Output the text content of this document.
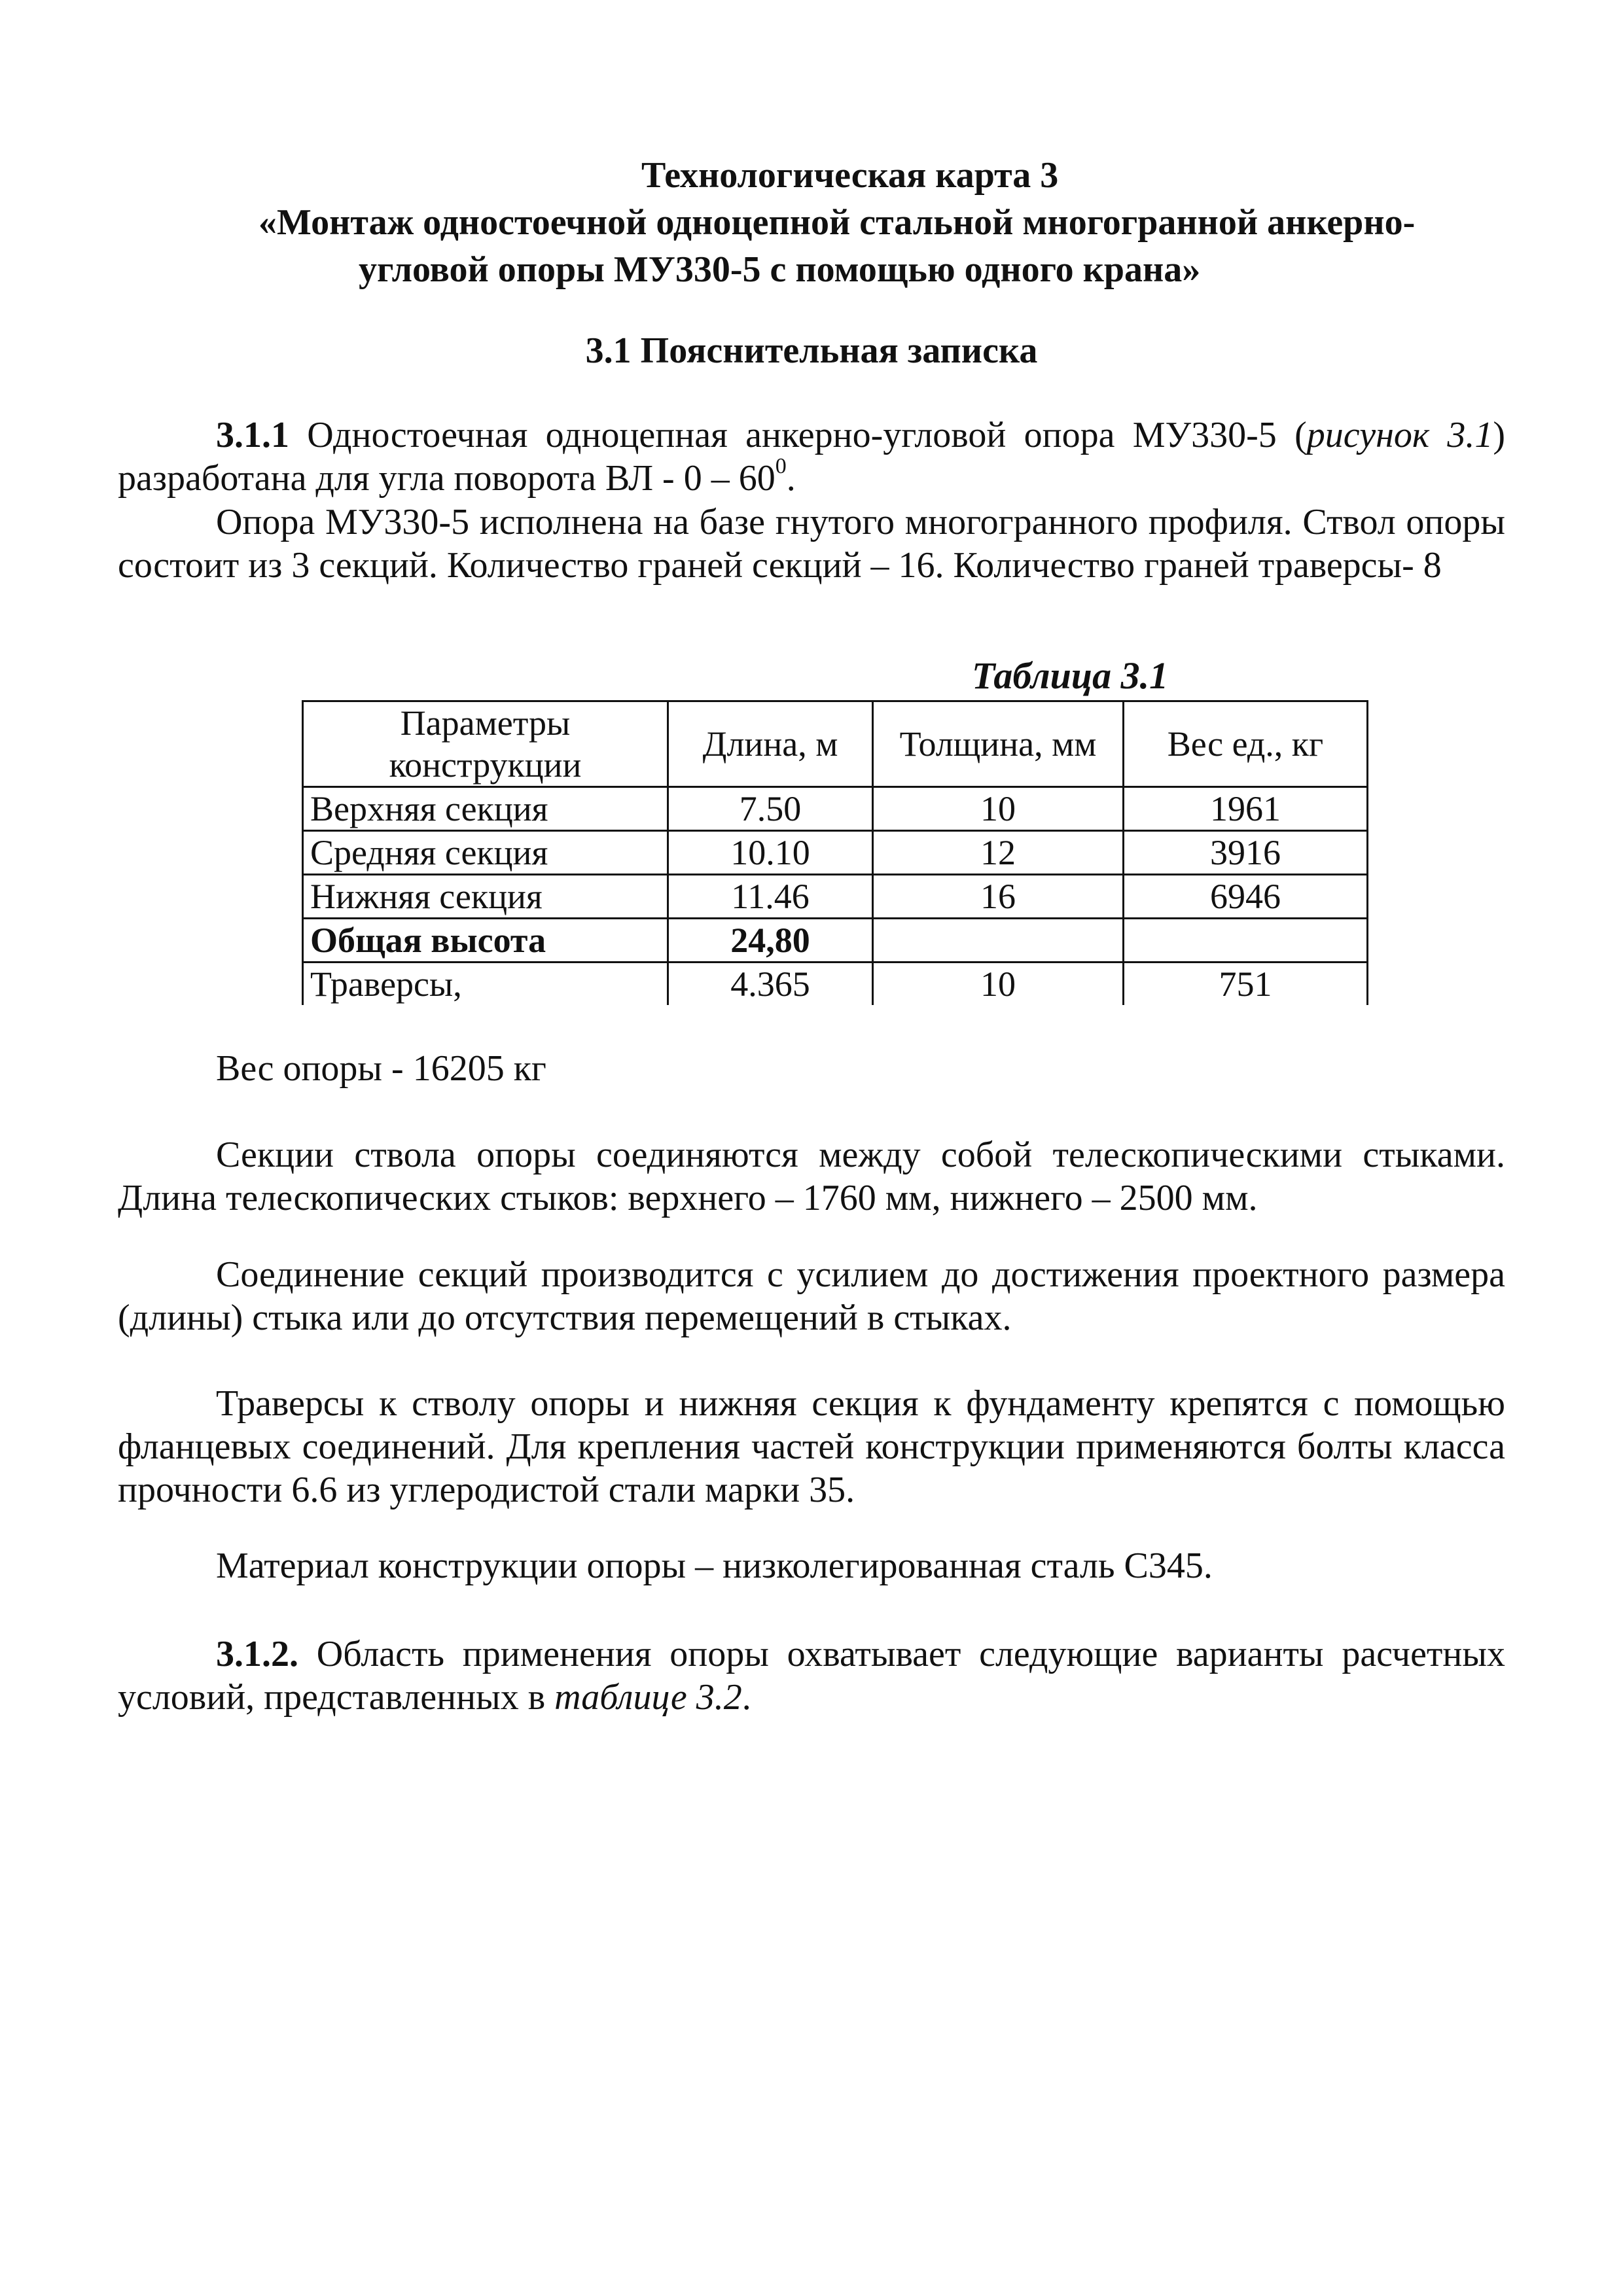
Технологическая карта 3
«Монтаж одностоечной одноцепной стальной многогранной анкерно-
угловой опоры МУ330-5 с помощью одного крана»
3.1 Пояснительная записка

3.1.1 Одностоечная одноцепная анкерно-угловой опора МУ330-5 (рисунок 3.1) разработана для угла поворота ВЛ - $0 - 60^0$.

Опора МУ330-5 исполнена на базе гнутого многогранного профиля. Ствол опоры состоит из 3 секций. Количество граней секций – 16. Количество граней траверсы- 8

Таблица 3.1
Параметры конструкции	Длина, м	Толщина, мм	Вес ед., кг
Верхняя секция	7.50	10	1961
Средняя секция	10.10	12	3916
Нижняя секция	11.46	16	6946
Общая высота	24,80		
Траверсы,	4.365	10	751

Вес опоры - 16205 кг

Секции ствола опоры соединяются между собой телескопическими стыками. Длина телескопических стыков: верхнего – 1760 мм, нижнего – 2500 мм.

Соединение секций производится с усилием до достижения проектного размера (длины) стыка или до отсутствия перемещений в стыках.

Траверсы к стволу опоры и нижняя секция к фундаменту крепятся с помощью фланцевых соединений. Для крепления частей конструкции применяются болты класса прочности 6.6 из углеродистой стали марки 35.

Материал конструкции опоры – низколегированная сталь С345.

3.1.2. Область применения опоры охватывает следующие варианты расчетных условий, представленных в таблице 3.2.
